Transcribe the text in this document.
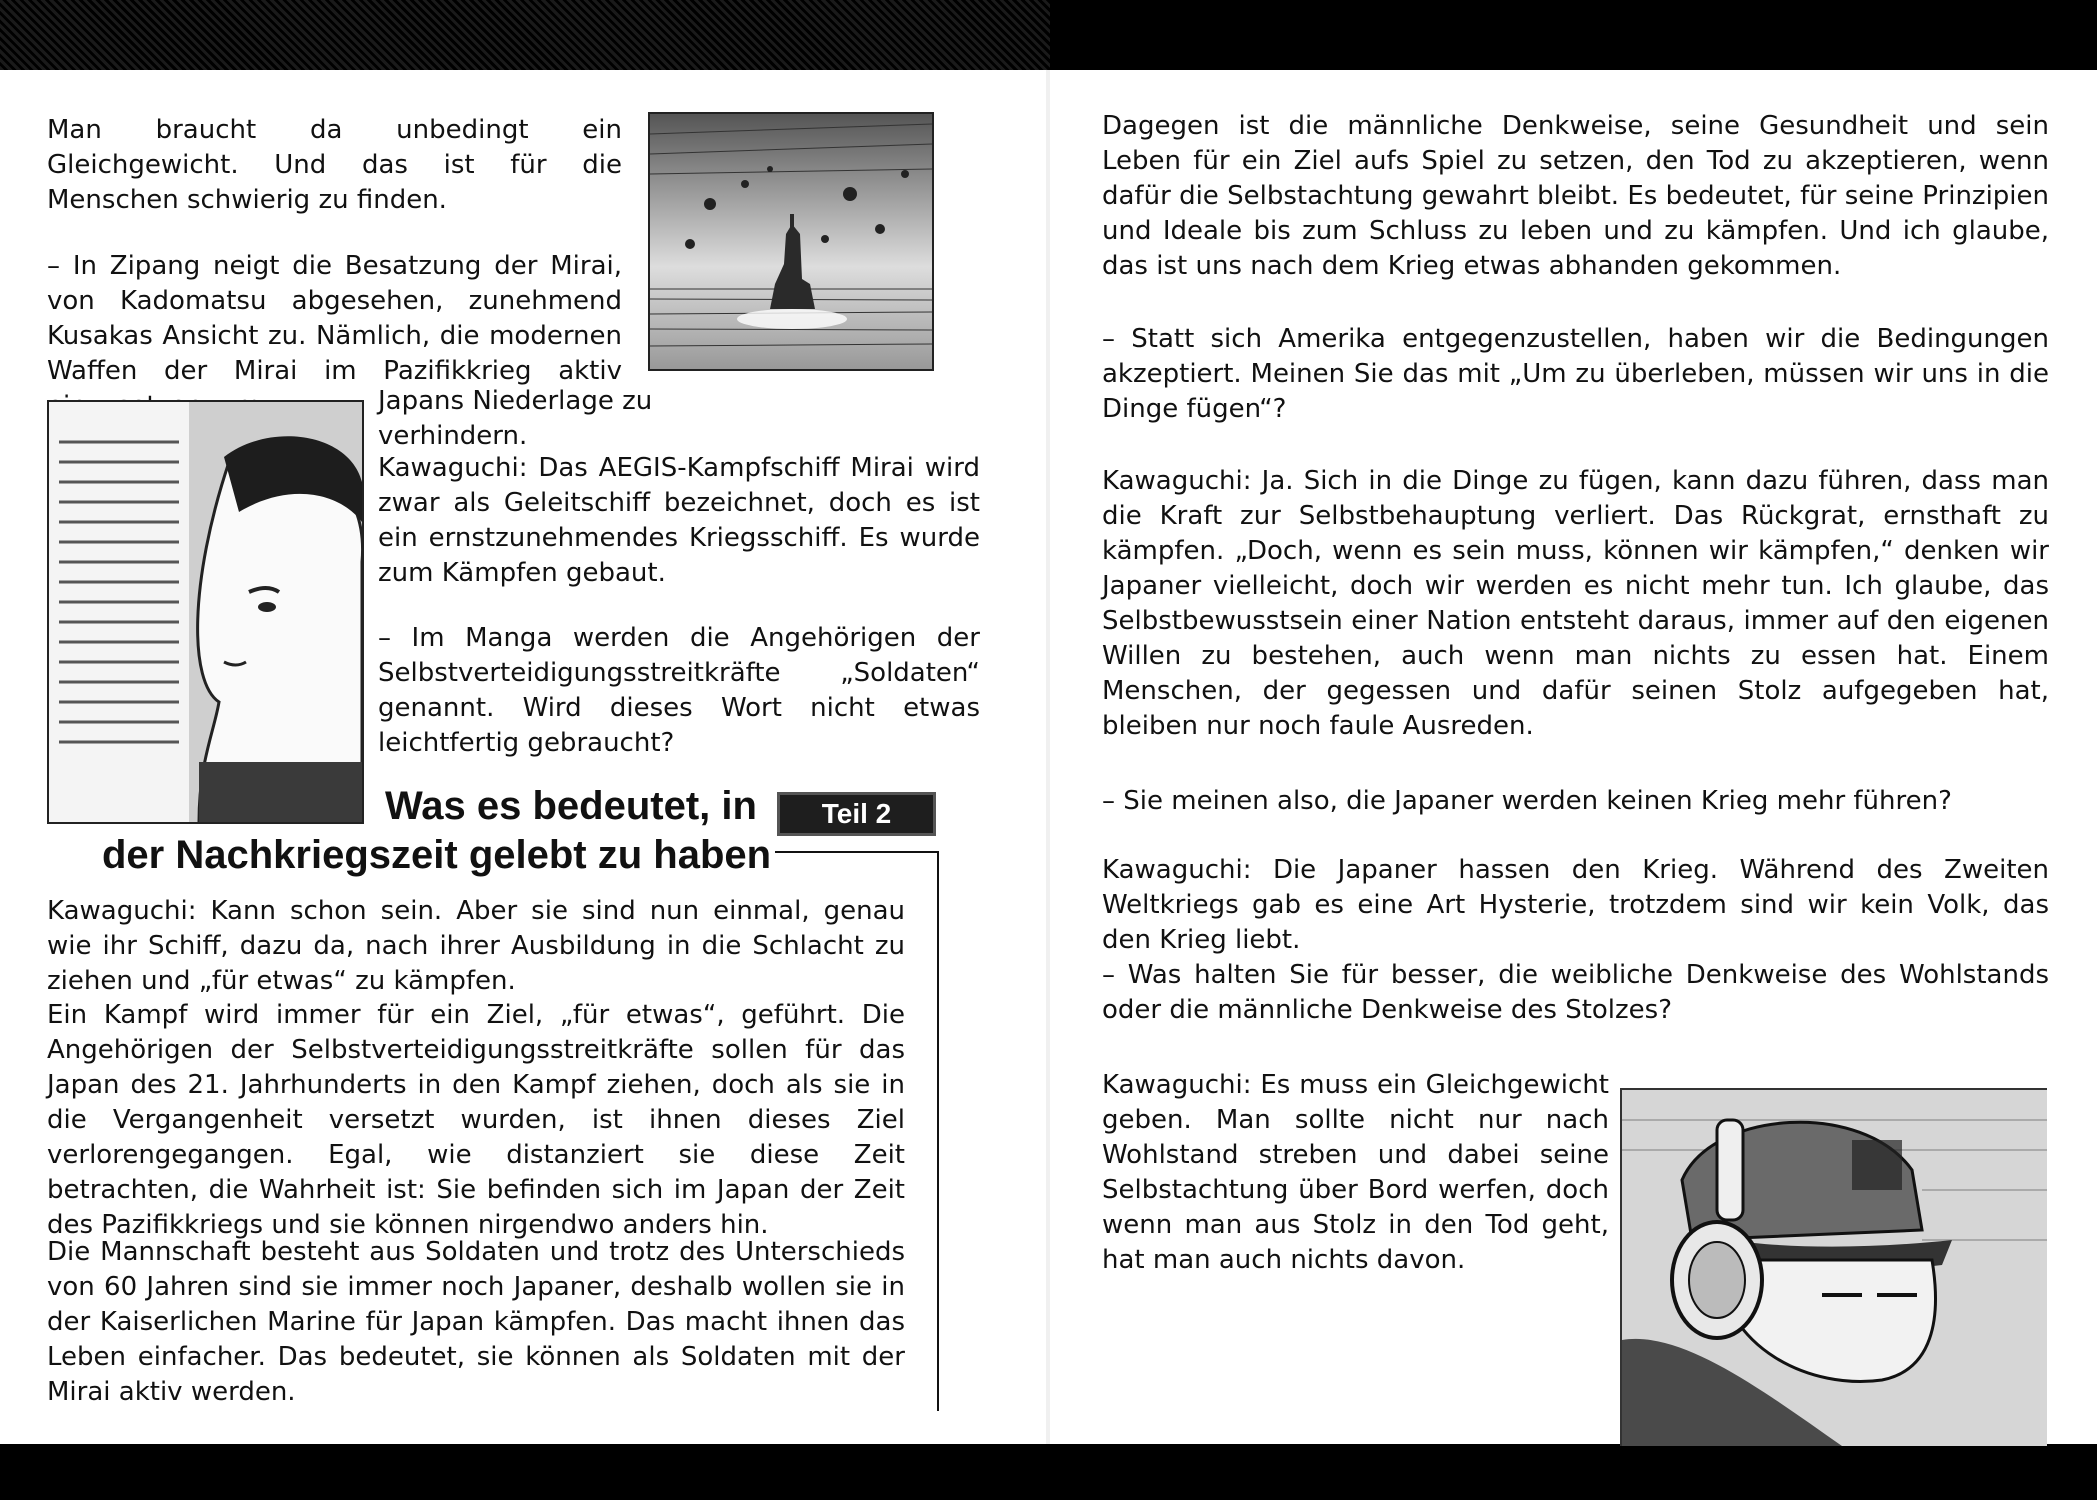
Man braucht da unbedingt ein Gleichgewicht. Und das ist für die Menschen schwierig zu finden.

– In Zipang neigt die Besatzung der Mirai, von Kadomatsu abgesehen, zunehmend Kusakas Ansicht zu. Nämlich, die modernen Waffen der Mirai im Pazifikkrieg aktiv

Japans Niederlage zu verhindern.

Kawaguchi: Das AEGIS-Kampfschiff Mirai wird zwar als Geleitschiff bezeichnet, doch es ist ein ernstzunehmendes Kriegsschiff. Es wurde zum Kämpfen gebaut.

– Im Manga werden die Angehörigen der Selbstverteidigungsstreitkräfte „Soldaten“ genannt. Wird dieses Wort nicht etwas leichtfertig gebraucht?

Was es bedeutet, in	Teil 2
der Nachkriegszeit gelebt zu haben

Kawaguchi: Kann schon sein. Aber sie sind nun einmal, genau wie ihr Schiff, dazu da, nach ihrer Ausbildung in die Schlacht zu ziehen und „für etwas“ zu kämpfen.

Ein Kampf wird immer für ein Ziel, „für etwas“, geführt. Die Angehörigen der Selbstverteidigungsstreitkräfte sollen für das Japan des 21. Jahrhunderts in den Kampf ziehen, doch als sie in die Vergangenheit versetzt wurden, ist ihnen dieses Ziel verlorengegangen. Egal, wie distanziert sie diese Zeit betrachten, die Wahrheit ist: Sie befinden sich im Japan der Zeit des Pazifikkriegs und sie können nirgendwo anders hin.

Die Mannschaft besteht aus Soldaten und trotz des Unterschieds von 60 Jahren sind sie immer noch Japaner, deshalb wollen sie in der Kaiserlichen Marine für Japan kämpfen. Das macht ihnen das Leben einfacher. Das bedeutet, sie können als Soldaten mit der Mirai aktiv werden.

Dagegen ist die männliche Denkweise, seine Gesundheit und sein Leben für ein Ziel aufs Spiel zu setzen, den Tod zu akzeptieren, wenn dafür die Selbstachtung gewahrt bleibt. Es bedeutet, für seine Prinzipien und Ideale bis zum Schluss zu leben und zu kämpfen. Und ich glaube, das ist uns nach dem Krieg etwas abhanden gekommen.

– Statt sich Amerika entgegenzustellen, haben wir die Bedingungen akzeptiert. Meinen Sie das mit „Um zu überleben, müssen wir uns in die Dinge fügen“?

Kawaguchi: Ja. Sich in die Dinge zu fügen, kann dazu führen, dass man die Kraft zur Selbstbehauptung verliert. Das Rückgrat, ernsthaft zu kämpfen. „Doch, wenn es sein muss, können wir kämpfen,“ denken wir Japaner vielleicht, doch wir werden es nicht mehr tun. Ich glaube, das Selbstbewusstsein einer Nation entsteht daraus, immer auf den eigenen Willen zu bestehen, auch wenn man nichts zu essen hat. Einem Menschen, der gegessen und dafür seinen Stolz aufgegeben hat, bleiben nur noch faule Ausreden.

– Sie meinen also, die Japaner werden keinen Krieg mehr führen?

Kawaguchi: Die Japaner hassen den Krieg. Während des Zweiten Weltkriegs gab es eine Art Hysterie, trotzdem sind wir kein Volk, das den Krieg liebt.

– Was halten Sie für besser, die weibliche Denkweise des Wohlstands oder die männliche Denkweise des Stolzes?

Kawaguchi: Es muss ein Gleichgewicht geben. Man sollte nicht nur nach Wohlstand streben und dabei seine Selbstachtung über Bord werfen, doch wenn man aus Stolz in den Tod geht, hat man auch nichts davon.
